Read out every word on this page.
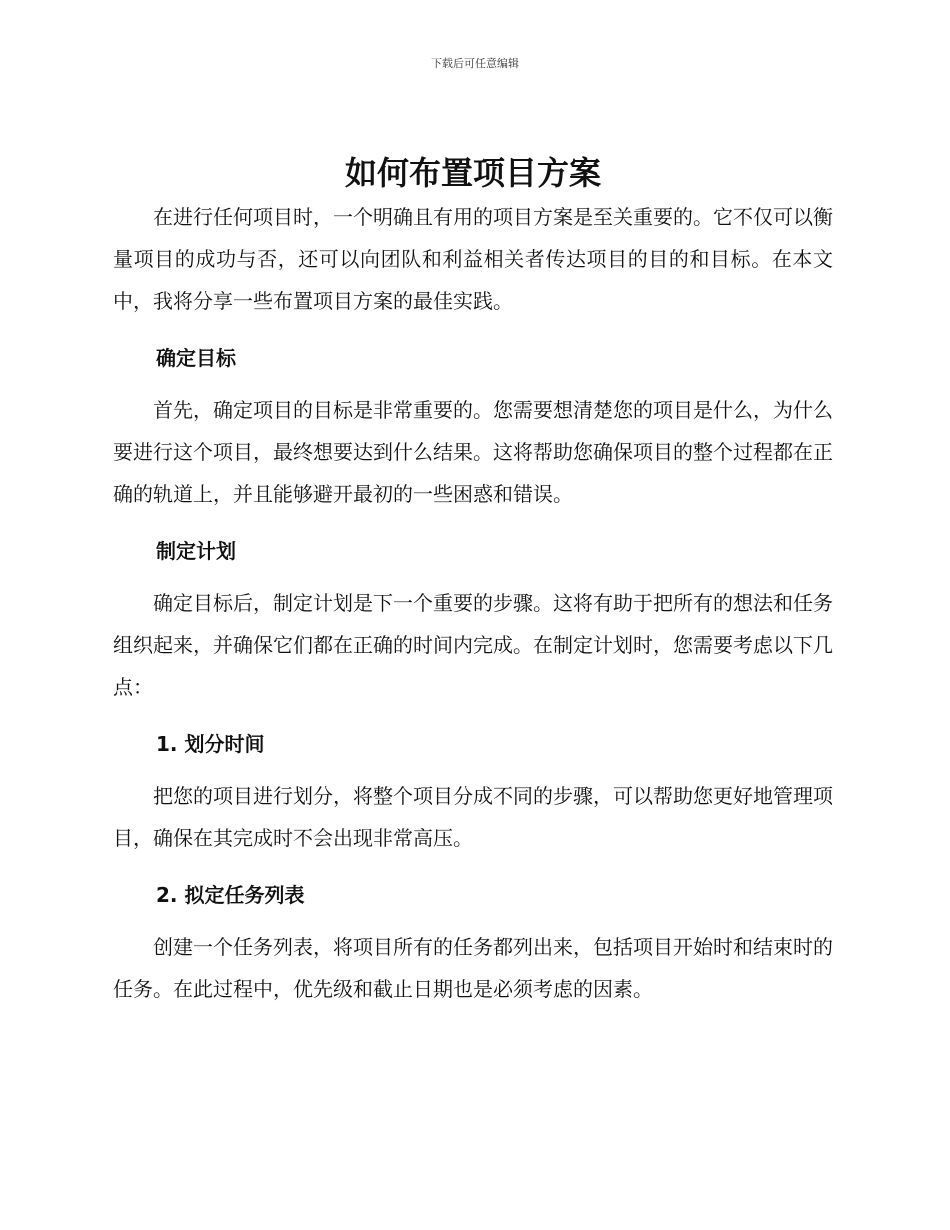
下载后可任意编辑
如何布置项目方案

在进行任何项目时，一个明确且有用的项目方案是至关重要的。它不仅可以衡量项目的成功与否，还可以向团队和利益相关者传达项目的目的和目标。在本文中，我将分享一些布置项目方案的最佳实践。

确定目标

首先，确定项目的目标是非常重要的。您需要想清楚您的项目是什么，为什么要进行这个项目，最终想要达到什么结果。这将帮助您确保项目的整个过程都在正确的轨道上，并且能够避开最初的一些困惑和错误。

制定计划

确定目标后，制定计划是下一个重要的步骤。这将有助于把所有的想法和任务组织起来，并确保它们都在正确的时间内完成。在制定计划时，您需要考虑以下几点：

1. 划分时间

把您的项目进行划分，将整个项目分成不同的步骤，可以帮助您更好地管理项目，确保在其完成时不会出现非常高压。

2. 拟定任务列表

创建一个任务列表，将项目所有的任务都列出来，包括项目开始时和结束时的任务。在此过程中，优先级和截止日期也是必须考虑的因素。
